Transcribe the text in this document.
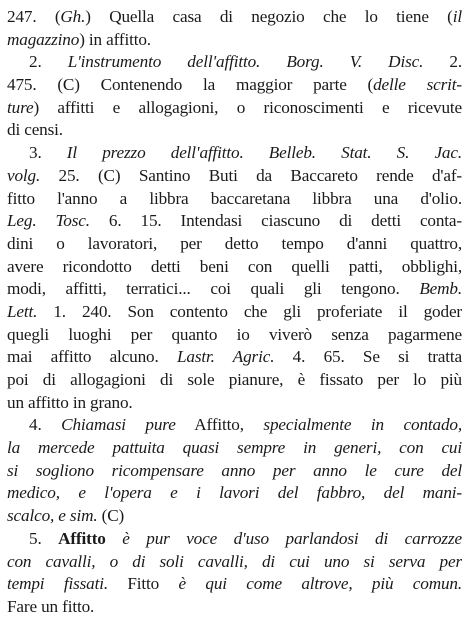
247. (Gh.) Quella casa di negozio che lo tiene (il
magazzino) in affitto.
2. L'instrumento dell'affitto. Borg. V. Disc. 2.
475. (C) Contenendo la maggior parte (delle scrit-
ture) affitti e allogagioni, o riconoscimenti e ricevute
di censi.
3. Il prezzo dell'affitto. Belleb. Stat. S. Jac.
volg. 25. (C) Santino Buti da Baccareto rende d'af-
fitto l'anno a libbra baccaretana libbra una d'olio.
Leg. Tosc. 6. 15. Intendasi ciascuno di detti conta-
dini o lavoratori, per detto tempo d'anni quattro,
avere ricondotto detti beni con quelli patti, obblighi,
modi, affitti, terratici... coi quali gli tengono. Bemb.
Lett. 1. 240. Son contento che gli proferiate il goder
quegli luoghi per quanto io viverò senza pagarmene
mai affitto alcuno. Lastr. Agric. 4. 65. Se si tratta
poi di allogagioni di sole pianure, è fissato per lo più
un affitto in grano.
4. Chiamasi pure Affitto, specialmente in contado,
la mercede pattuita quasi sempre in generi, con cui
si sogliono ricompensare anno per anno le cure del
medico, e l'opera e i lavori del fabbro, del mani-
scalco, e sim. (C)
5. Affitto è pur voce d'uso parlandosi di carrozze
con cavalli, o di soli cavalli, di cui uno si serva per
tempi fissati. Fitto è qui come altrove, più comun.
Fare un fitto.
